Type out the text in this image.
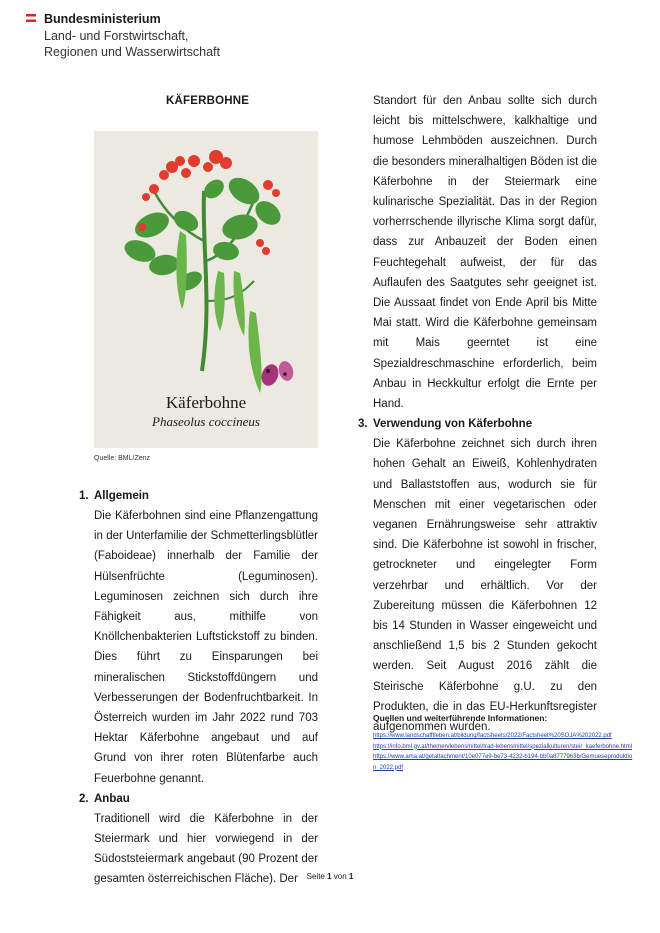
Bundesministerium
Land- und Forstwirtschaft,
Regionen und Wasserwirtschaft
KÄFERBOHNE
Käferbohne
Phaseolus coccineus
Quelle: BML/Zenz
1. Allgemein

Die Käferbohnen sind eine Pflanzengattung in der Unterfamilie der Schmetterlingsblütler (Faboideae) innerhalb der Familie der Hülsenfrüchte (Leguminosen). Leguminosen zeichnen sich durch ihre Fähigkeit aus, mithilfe von Knöllchenbakterien Luftstickstoff zu binden. Dies führt zu Einsparungen bei mineralischen Stickstoffdüngern und Verbesserungen der Bodenfruchtbarkeit. In Österreich wurden im Jahr 2022 rund 703 Hektar Käferbohne angebaut und auf Grund von ihrer roten Blütenfarbe auch Feuerbohne genannt.

2. Anbau

Traditionell wird die Käferbohne in der Steiermark und hier vorwiegend in der Südoststeiermark angebaut (90 Prozent der gesamten österreichischen Fläche). Der

Standort für den Anbau sollte sich durch leicht bis mittelschwere, kalkhaltige und humose Lehmböden auszeichnen. Durch die besonders mineralhaltigen Böden ist die Käferbohne in der Steiermark eine kulinarische Spezialität. Das in der Region vorherrschende illyrische Klima sorgt dafür, dass zur Anbauzeit der Boden einen Feuchtegehalt aufweist, der für das Auflaufen des Saatgutes sehr geeignet ist. Die Aussaat findet von Ende April bis Mitte Mai statt. Wird die Käferbohne gemeinsam mit Mais geerntet ist eine Spezialdreschmaschine erforderlich, beim Anbau in Heckkultur erfolgt die Ernte per Hand.

3. Verwendung von Käferbohne

Die Käferbohne zeichnet sich durch ihren hohen Gehalt an Eiweiß, Kohlenhydraten und Ballaststoffen aus, wodurch sie für Menschen mit einer vegetarischen oder veganen Ernährungsweise sehr attraktiv sind. Die Käferbohne ist sowohl in frischer, getrockneter und eingelegter Form verzehrbar und erhältlich. Vor der Zubereitung müssen die Käferbohnen 12 bis 14 Stunden in Wasser eingeweicht und anschließend 1,5 bis 2 Stunden gekocht werden. Seit August 2016 zählt die Steirische Käferbohne g.U. zu den Produkten, die in das EU-Herkunftsregister aufgenommen wurden.

Quellen und weiterführende Informationen:
https://www.landschafftleben.at/bildung/factsheets/2022/Factsheet%20SOJA%202022.pdf
https://info.bml.gv.at/themen/lebensmittel/trad-lebensmittel/spezialkulturen/steir_kaeferbohne.html
https://www.ama.at/getattachment/10e077e9-be73-4232-b194-bb0a8777963b/Gemueseproduktion_2022.pdf
Seite 1 von 1
